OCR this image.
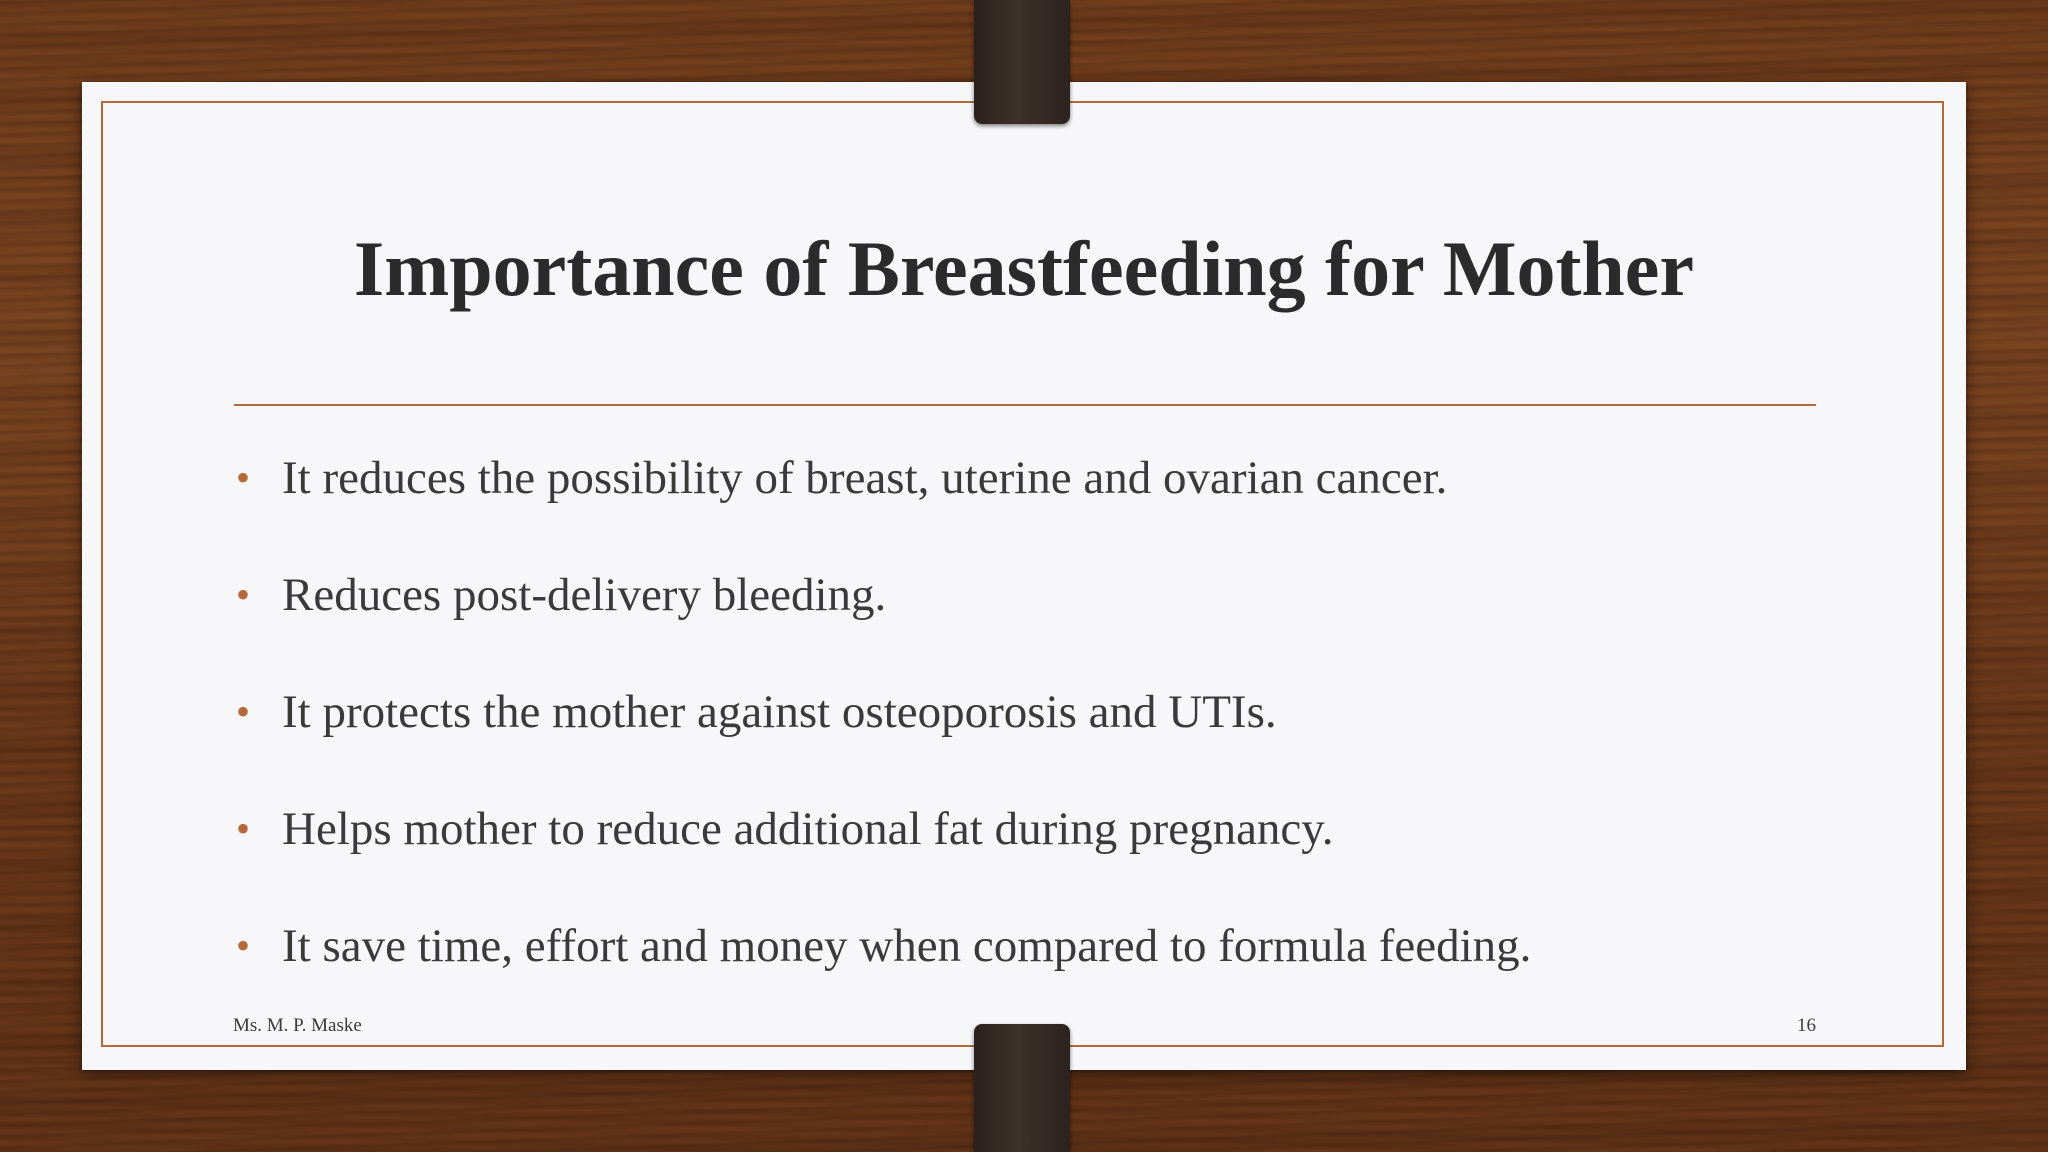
Importance of Breastfeeding for Mother
• It reduces the possibility of breast, uterine and ovarian cancer.
• Reduces post-delivery bleeding.
• It protects the mother against osteoporosis and UTIs.
• Helps mother to reduce additional fat during pregnancy.
• It save time, effort and money when compared to formula feeding.
Ms. M. P. Maske	16
